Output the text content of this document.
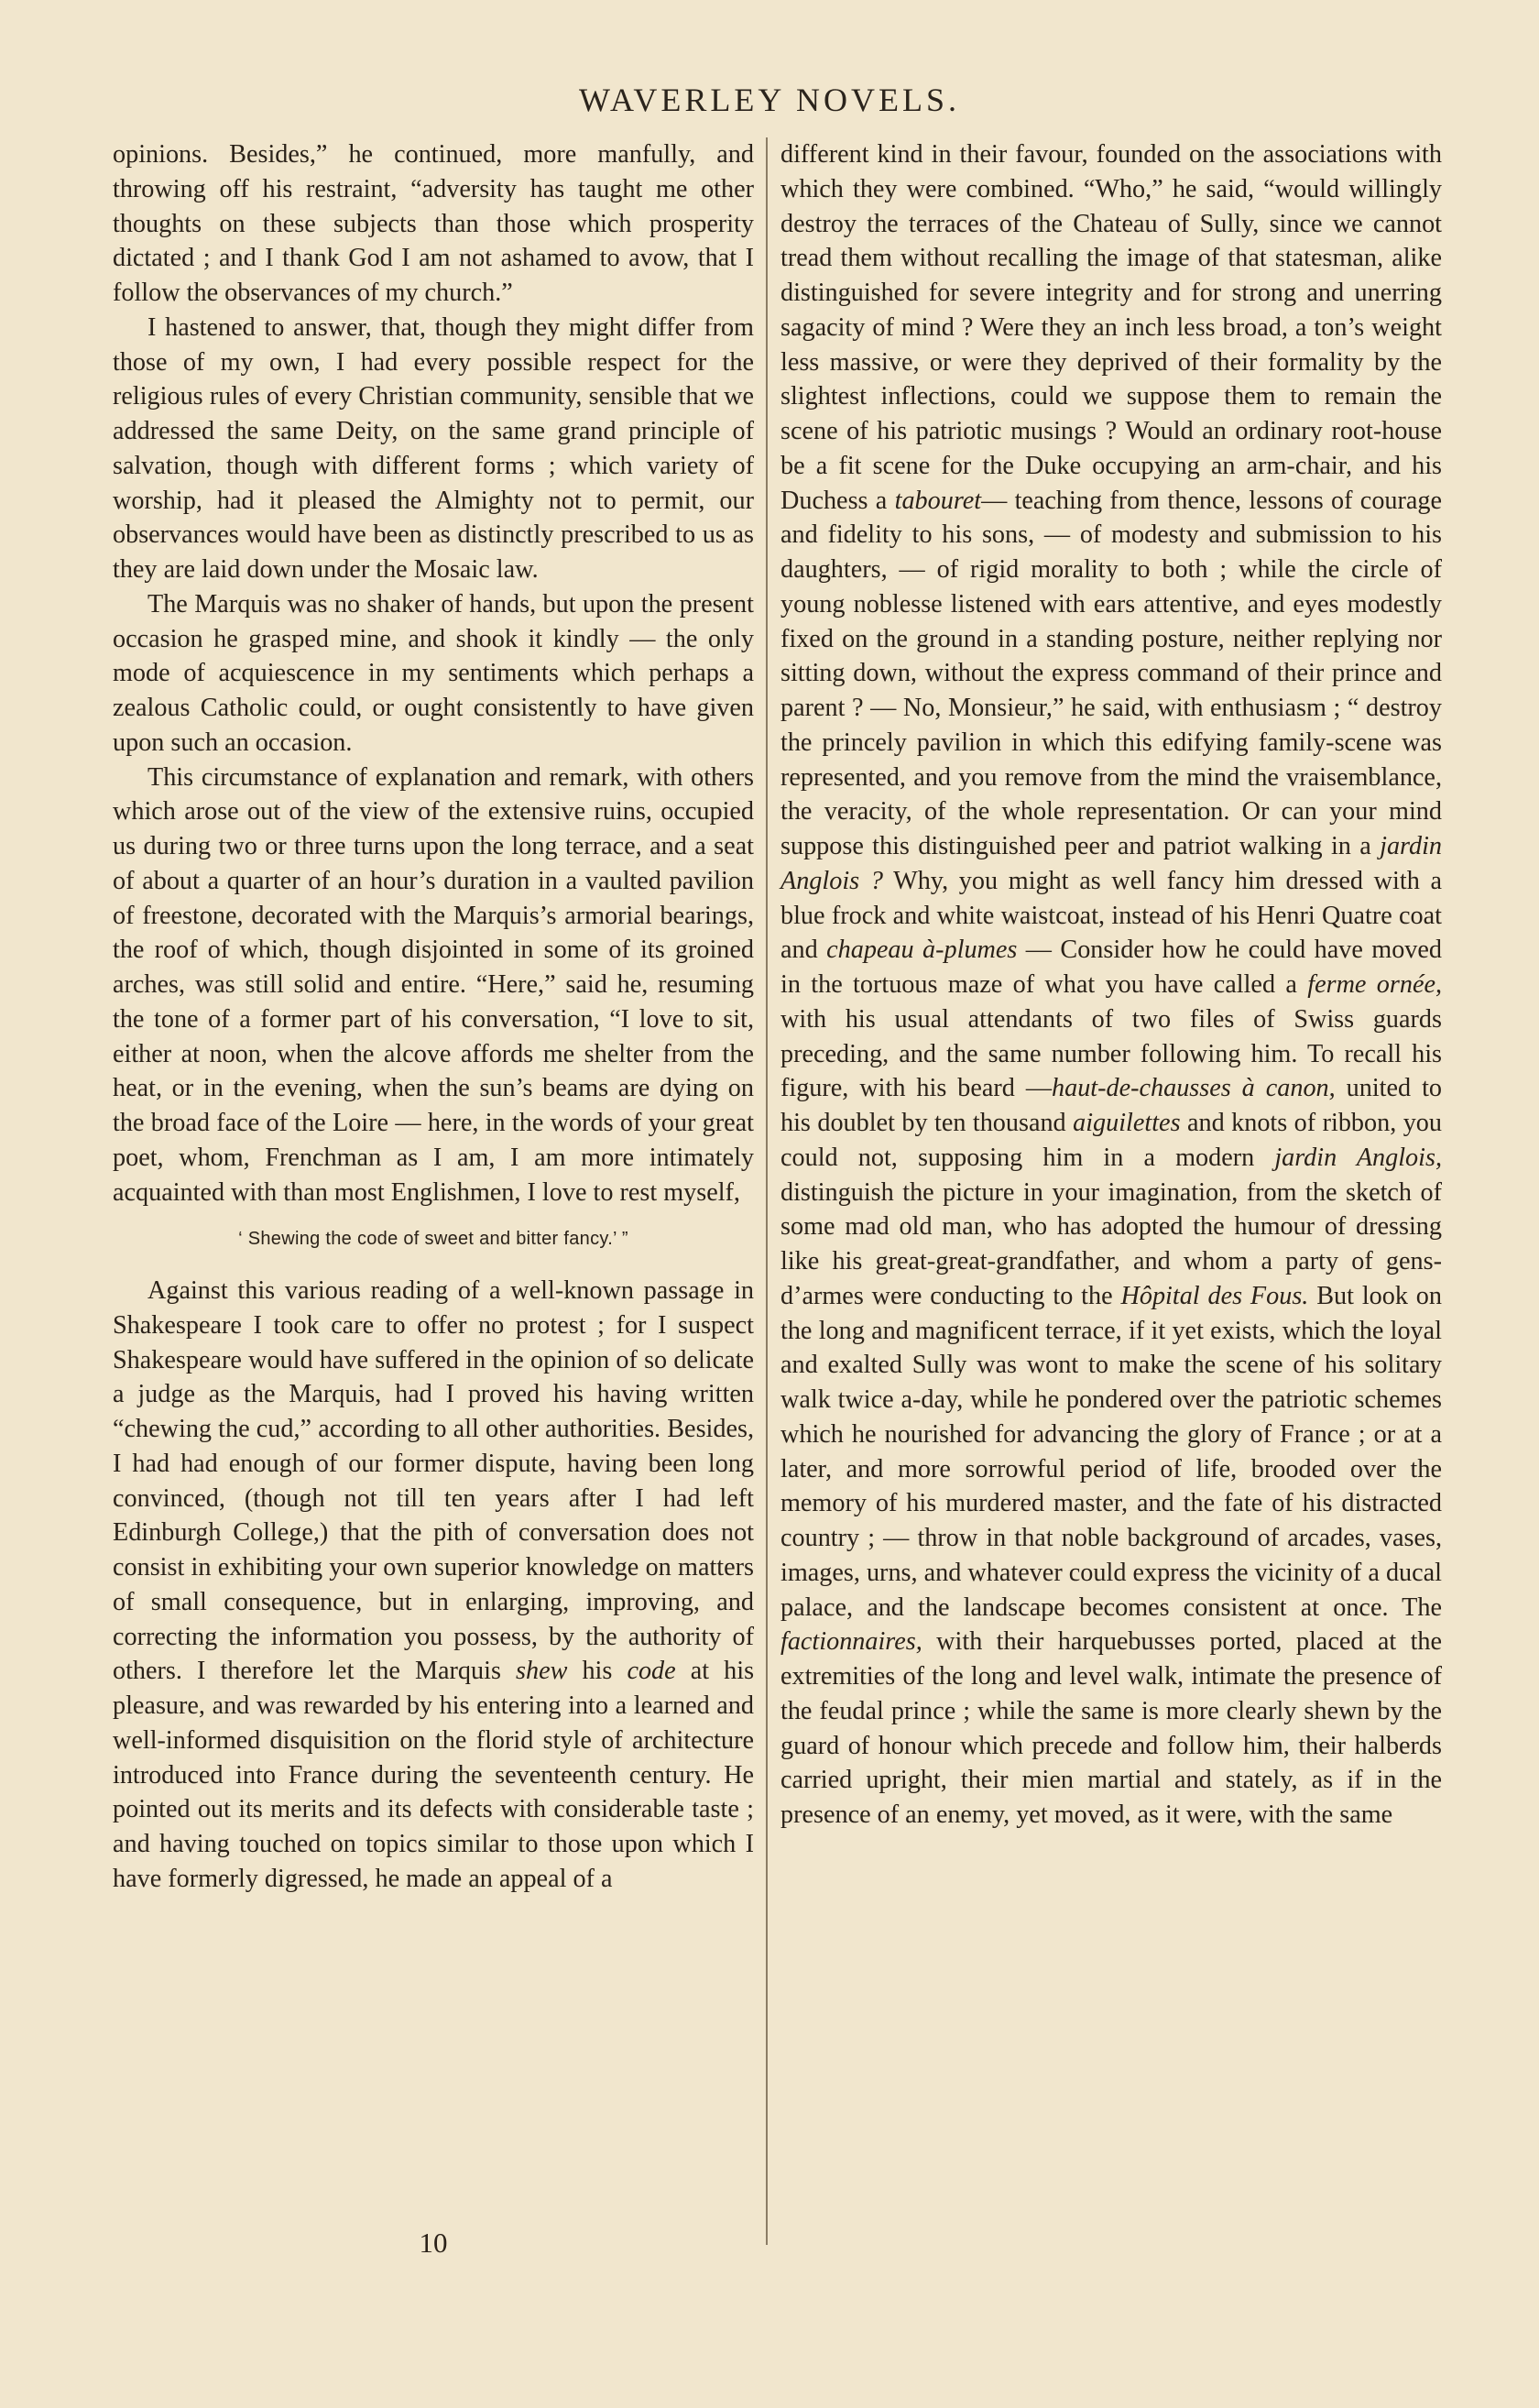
WAVERLEY NOVELS.

opinions. Besides,” he continued, more manfully, and throwing off his restraint, “adversity has taught me other thoughts on these subjects than those which prosperity dictated ; and I thank God I am not ashamed to avow, that I follow the observances of my church.”

I hastened to answer, that, though they might differ from those of my own, I had every possible respect for the religious rules of every Christian community, sensible that we addressed the same Deity, on the same grand principle of salvation, though with different forms ; which variety of worship, had it pleased the Almighty not to permit, our observances would have been as distinctly prescribed to us as they are laid down under the Mosaic law.

The Marquis was no shaker of hands, but upon the present occasion he grasped mine, and shook it kindly — the only mode of acquiescence in my sentiments which perhaps a zealous Catholic could, or ought consistently to have given upon such an occasion.

This circumstance of explanation and remark, with others which arose out of the view of the extensive ruins, occupied us during two or three turns upon the long terrace, and a seat of about a quarter of an hour’s duration in a vaulted pavilion of freestone, decorated with the Marquis’s armorial bearings, the roof of which, though disjointed in some of its groined arches, was still solid and entire. “Here,” said he, resuming the tone of a former part of his conversation, “I love to sit, either at noon, when the alcove affords me shelter from the heat, or in the evening, when the sun’s beams are dying on the broad face of the Loire — here, in the words of your great poet, whom, Frenchman as I am, I am more intimately acquainted with than most Englishmen, I love to rest myself,

‘ Shewing the code of sweet and bitter fancy.’ ”

Against this various reading of a well-known passage in Shakespeare I took care to offer no protest ; for I suspect Shakespeare would have suffered in the opinion of so delicate a judge as the Marquis, had I proved his having written “chewing the cud,” according to all other authorities. Besides, I had had enough of our former dispute, having been long convinced, (though not till ten years after I had left Edinburgh College,) that the pith of conversation does not consist in exhibiting your own superior knowledge on matters of small consequence, but in enlarging, improving, and correcting the information you possess, by the authority of others. I therefore let the Marquis shew his code at his pleasure, and was rewarded by his entering into a learned and well-informed disquisition on the florid style of architecture introduced into France during the seventeenth century. He pointed out its merits and its defects with considerable taste ; and having touched on topics similar to those upon which I have formerly digressed, he made an appeal of a

different kind in their favour, founded on the associations with which they were combined. “Who,” he said, “would willingly destroy the terraces of the Chateau of Sully, since we cannot tread them without recalling the image of that statesman, alike distinguished for severe integrity and for strong and unerring sagacity of mind ? Were they an inch less broad, a ton’s weight less massive, or were they deprived of their formality by the slightest inflections, could we suppose them to remain the scene of his patriotic musings ? Would an ordinary root-house be a fit scene for the Duke occupying an arm-chair, and his Duchess a tabouret— teaching from thence, lessons of courage and fidelity to his sons, — of modesty and submission to his daughters, — of rigid morality to both ; while the circle of young noblesse listened with ears attentive, and eyes modestly fixed on the ground in a standing posture, neither replying nor sitting down, without the express command of their prince and parent ? — No, Monsieur,” he said, with enthusiasm ; “ destroy the princely pavilion in which this edifying family-scene was represented, and you remove from the mind the vraisemblance, the veracity, of the whole representation. Or can your mind suppose this distinguished peer and patriot walking in a jardin Anglois ? Why, you might as well fancy him dressed with a blue frock and white waistcoat, instead of his Henri Quatre coat and chapeau à-plumes — Consider how he could have moved in the tortuous maze of what you have called a ferme ornée, with his usual attendants of two files of Swiss guards preceding, and the same number following him. To recall his figure, with his beard —haut-de-chausses à canon, united to his doublet by ten thousand aiguilettes and knots of ribbon, you could not, supposing him in a modern jardin Anglois, distinguish the picture in your imagination, from the sketch of some mad old man, who has adopted the humour of dressing like his great-great-grandfather, and whom a party of gens-d’armes were conducting to the Hôpital des Fous. But look on the long and magnificent terrace, if it yet exists, which the loyal and exalted Sully was wont to make the scene of his solitary walk twice a-day, while he pondered over the patriotic schemes which he nourished for advancing the glory of France ; or at a later, and more sorrowful period of life, brooded over the memory of his murdered master, and the fate of his distracted country ; — throw in that noble background of arcades, vases, images, urns, and whatever could express the vicinity of a ducal palace, and the landscape becomes consistent at once. The factionnaires, with their harquebusses ported, placed at the extremities of the long and level walk, intimate the presence of the feudal prince ; while the same is more clearly shewn by the guard of honour which precede and follow him, their halberds carried upright, their mien martial and stately, as if in the presence of an enemy, yet moved, as it were, with the same

10
